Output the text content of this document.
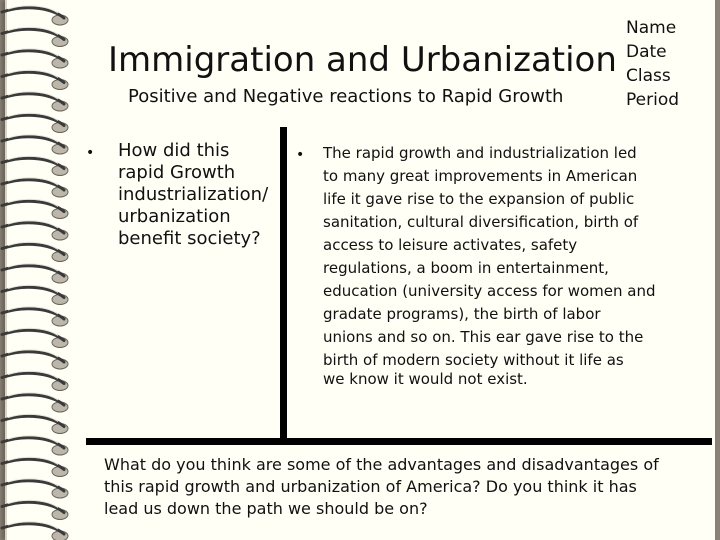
Immigration and Urbanization
Positive and Negative reactions to Rapid Growth
Name
Date
Class
Period
• How did this
rapid Growth
industrialization/
urbanization
benefit society?
• The rapid growth and industrialization led
to many great improvements in American
life it gave rise to the expansion of public
sanitation, cultural diversification, birth of
access to leisure activates, safety
regulations, a boom in entertainment,
education (university access for women and
gradate programs), the birth of labor
unions and so on. This ear gave rise to the
birth of modern society without it life as
we know it would not exist.
What do you think are some of the advantages and disadvantages of
this rapid growth and urbanization of America? Do you think it has
lead us down the path we should be on?
